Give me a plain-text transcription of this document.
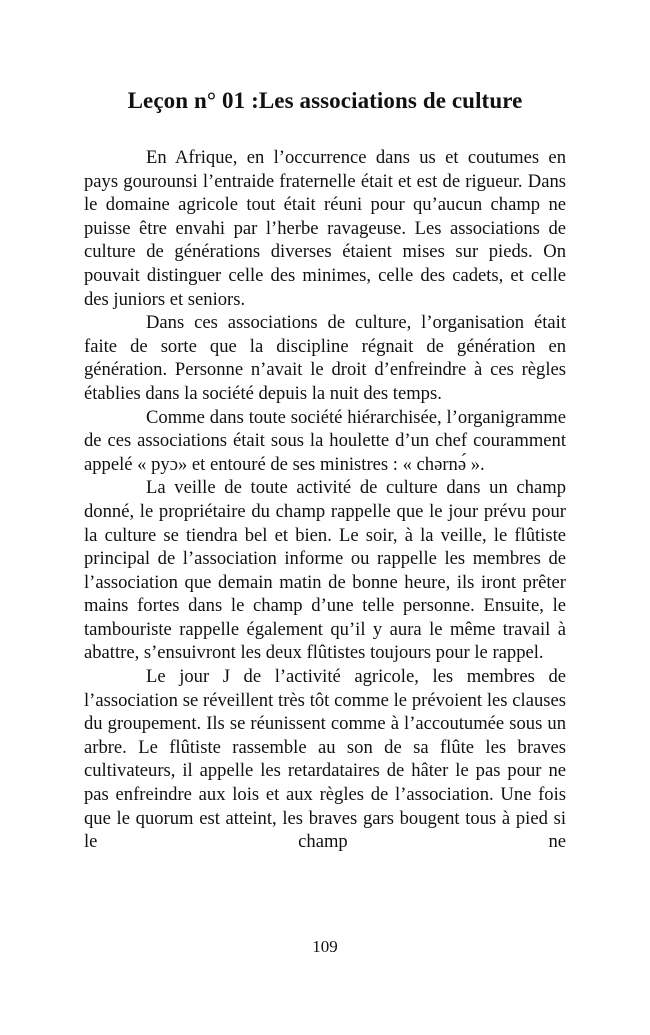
Leçon n° 01 :Les associations de culture

En Afrique, en l’occurrence dans us et coutumes en pays gourounsi l’entraide fraternelle était et est de rigueur. Dans le domaine agricole tout était réuni pour qu’aucun champ ne puisse être envahi par l’herbe ravageuse. Les associations de culture de générations diverses étaient mises sur pieds. On pouvait distinguer celle des minimes, celle des cadets, et celle des juniors et seniors.

Dans ces associations de culture, l’organisation était faite de sorte que la discipline régnait de génération en génération. Personne n’avait le droit d’enfreindre à ces règles établies dans la société depuis la nuit des temps.

Comme dans toute société hiérarchisée, l’organigramme de ces associations était sous la houlette d’un chef couramment appelé « pyɔ» et entouré de ses ministres : « chərnə́ ».

La veille de toute activité de culture dans un champ donné, le propriétaire du champ rappelle que le jour prévu pour la culture se tiendra bel et bien. Le soir, à la veille, le flûtiste principal de l’association informe ou rappelle les membres de l’association que demain matin de bonne heure, ils iront prêter mains fortes dans le champ d’une telle personne. Ensuite, le tambouriste rappelle également qu’il y aura le même travail à abattre, s’ensuivront les deux flûtistes toujours pour le rappel.

Le jour J de l’activité agricole, les membres de l’association se réveillent très tôt comme le prévoient les clauses du groupement. Ils se réunissent comme à l’accoutumée sous un arbre. Le flûtiste rassemble au son de sa flûte les braves cultivateurs, il appelle les retardataires de hâter le pas pour ne pas enfreindre aux lois et aux règles de l’association. Une fois que le quorum est atteint, les braves gars bougent tous à pied si le champ ne

109
